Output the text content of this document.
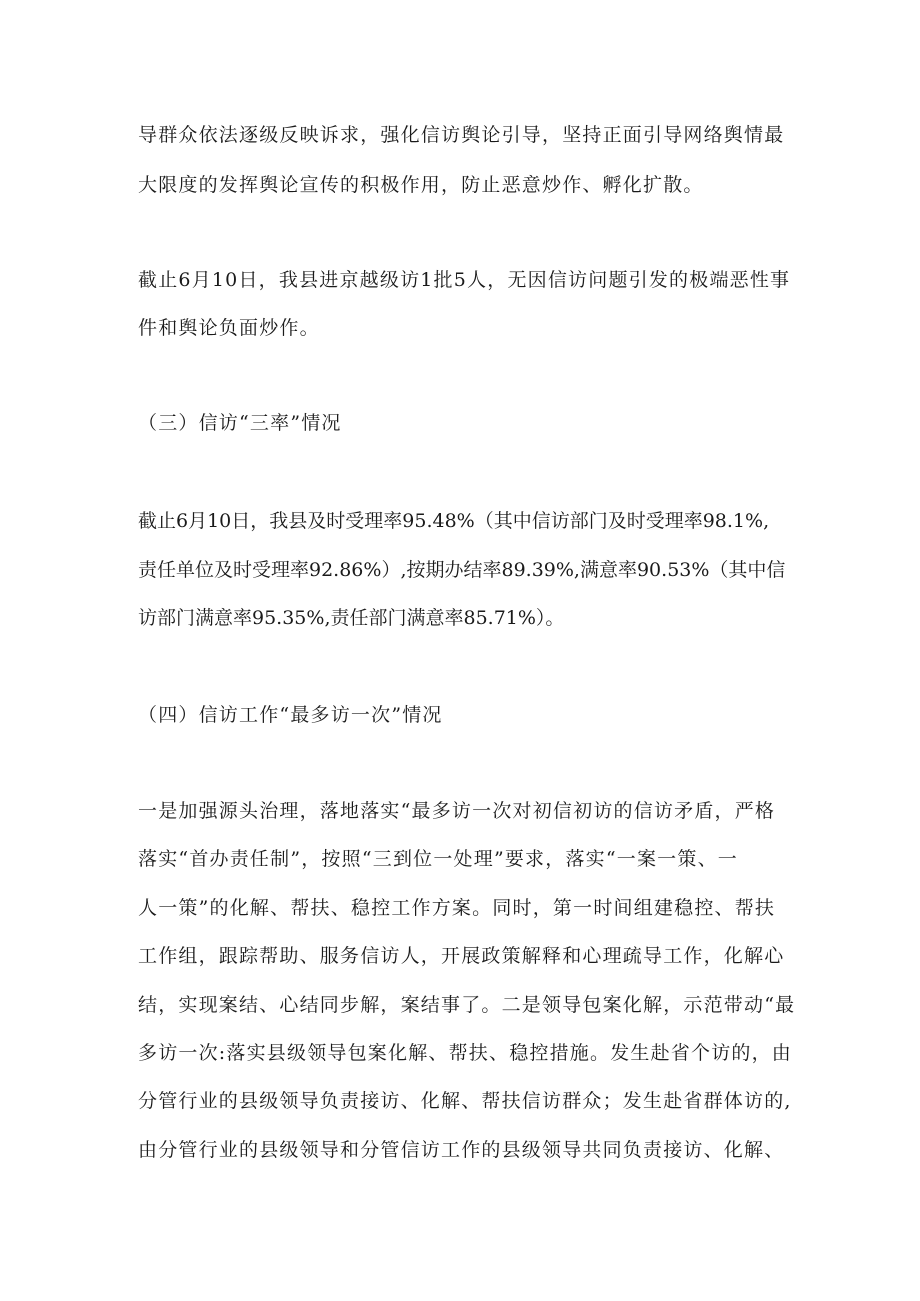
导群众依法逐级反映诉求，强化信访舆论引导，坚持正面引导网络舆情最
大限度的发挥舆论宣传的积极作用，防止恶意炒作、孵化扩散。
截止6月10日，我县进京越级访1批5人，无因信访问题引发的极端恶性事
件和舆论负面炒作。
（三）信访“三率”情况
截止6月10日，我县及时受理率95.48%（其中信访部门及时受理率98.1%,
责任单位及时受理率92.86%）,按期办结率89.39%,满意率90.53%（其中信
访部门满意率95.35%,责任部门满意率85.71%）。
（四）信访工作“最多访一次”情况
一是加强源头治理，落地落实“最多访一次对初信初访的信访矛盾，严格
落实“首办责任制”，按照“三到位一处理”要求，落实“一案一策、一
人一策”的化解、帮扶、稳控工作方案。同时，第一时间组建稳控、帮扶
工作组，跟踪帮助、服务信访人，开展政策解释和心理疏导工作，化解心
结，实现案结、心结同步解，案结事了。二是领导包案化解，示范带动“最
多访一次:落实县级领导包案化解、帮扶、稳控措施。发生赴省个访的，由
分管行业的县级领导负责接访、化解、帮扶信访群众；发生赴省群体访的,
由分管行业的县级领导和分管信访工作的县级领导共同负责接访、化解、
